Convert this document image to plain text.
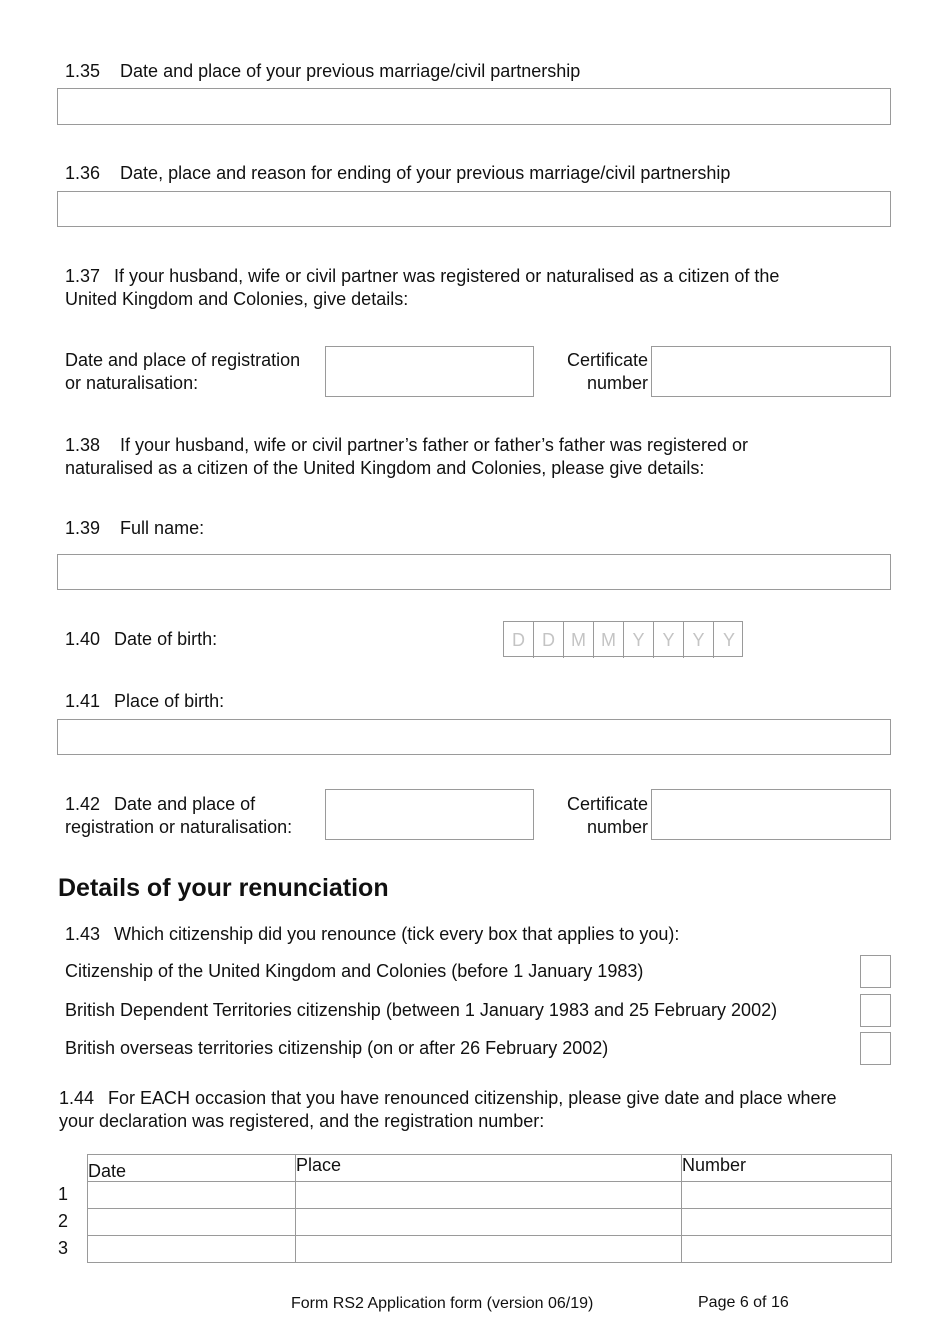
1.35 Date and place of your previous marriage/civil partnership
1.36 Date, place and reason for ending of your previous marriage/civil partnership
1.37 If your husband, wife or civil partner was registered or naturalised as a citizen of the
United Kingdom and Colonies, give details:
Date and place of registration
or naturalisation:
Certificate
number
1.38 If your husband, wife or civil partner’s father or father’s father was registered or
naturalised as a citizen of the United Kingdom and Colonies, please give details:
1.39 Full name:
1.40 Date of birth:	D D M M Y Y Y	Y
1.41 Place of birth:
1.42 Date and place of
registration or naturalisation:
Certificate
number
Details of your renunciation
1.43 Which citizenship did you renounce (tick every box that applies to you):
Citizenship of the United Kingdom and Colonies (before 1 January 1983)
British Dependent Territories citizenship (between 1 January 1983 and 25 February 2002)
British overseas territories citizenship (on or after 26 February 2002)
1.44 For EACH occasion that you have renounced citizenship, please give date and place where
your declaration was registered, and the registration number:
Date	Place	Number

1
2
3
Form RS2 Application form (version 06/19)	Page 6 of 16
